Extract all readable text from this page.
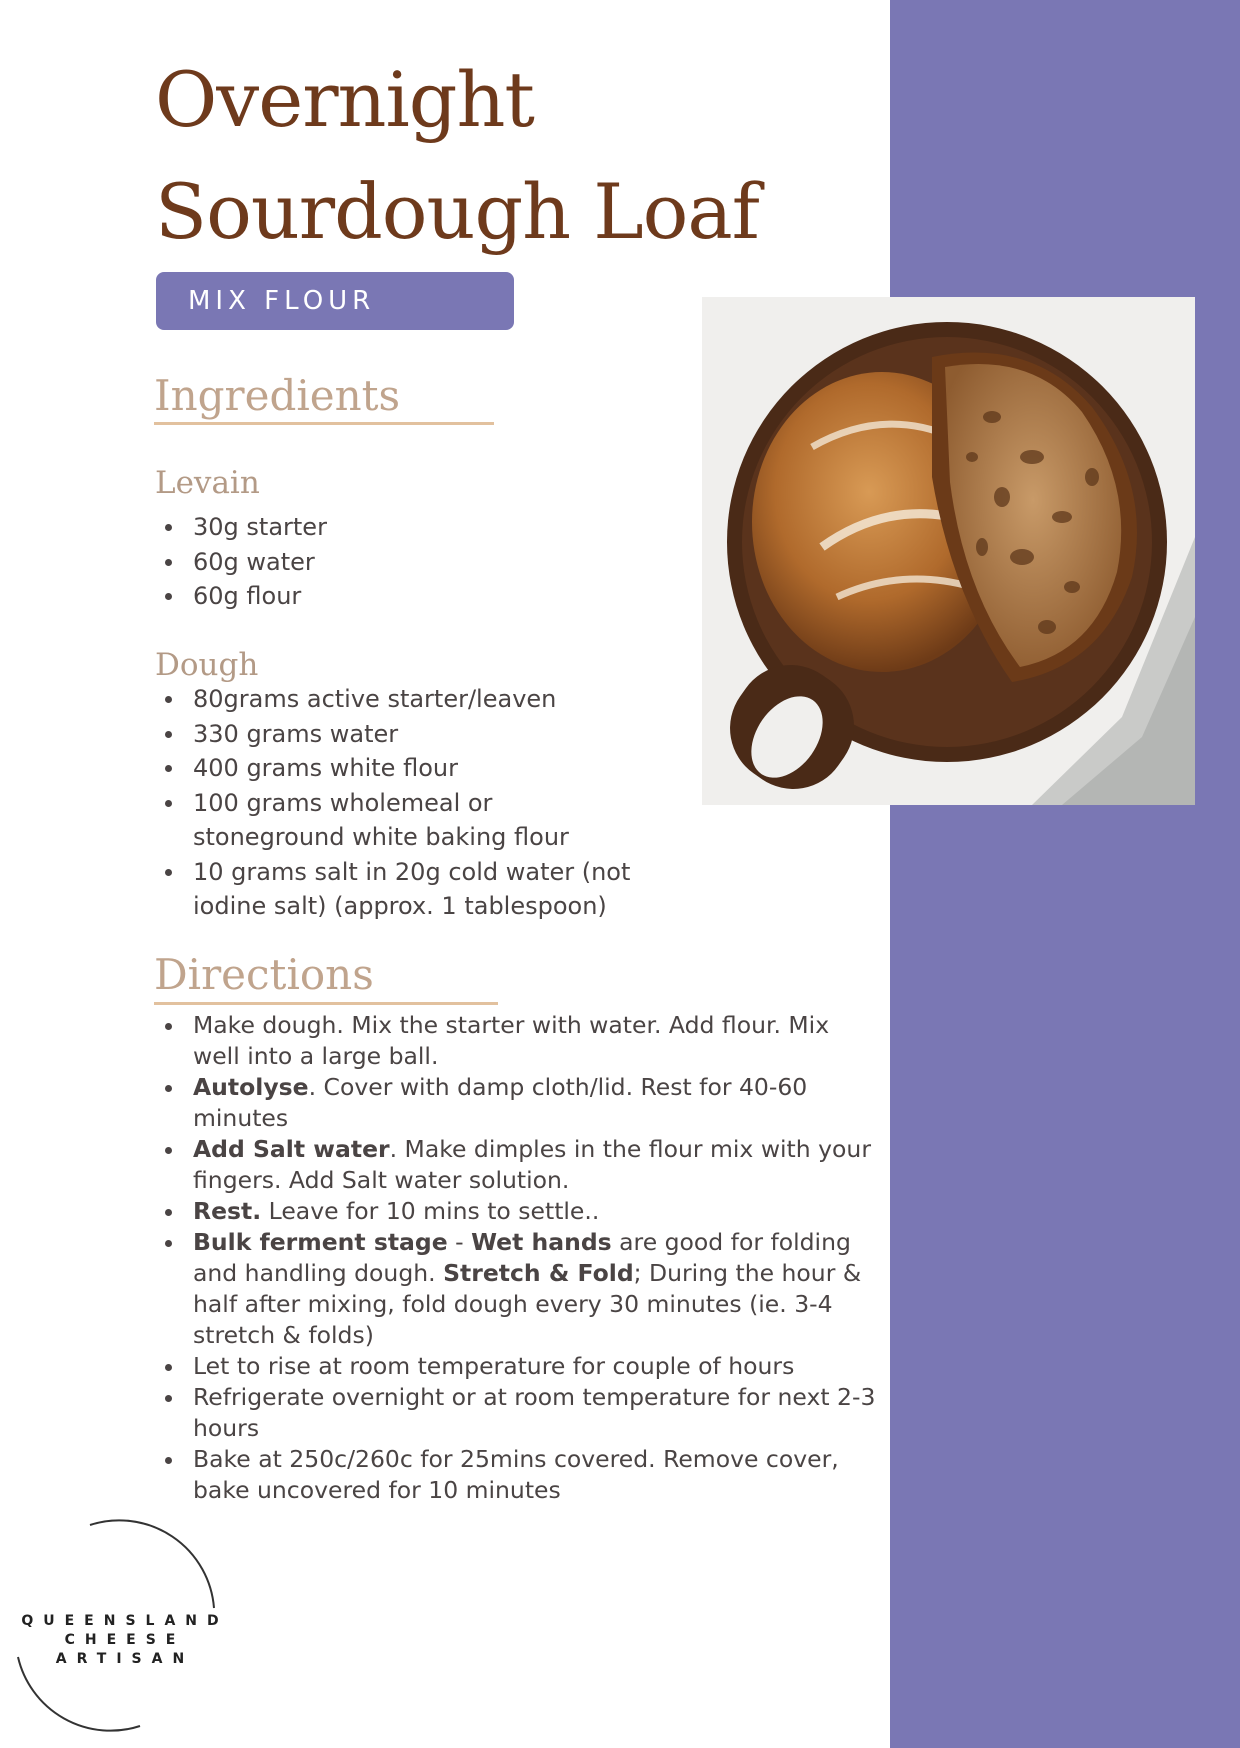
Overnight
Sourdough Loaf
MIX FLOUR
Ingredients
Levain
30g starter
60g water
60g flour
Dough
80grams active starter/leaven
330 grams water
400 grams white flour
100 grams wholemeal or stoneground white baking flour
10 grams salt in 20g cold water (not iodine salt) (approx. 1 tablespoon)
Directions
Make dough. Mix the starter with water. Add flour. Mix well into a large ball.
Autolyse. Cover with damp cloth/lid. Rest for 40-60 minutes
Add Salt water. Make dimples in the flour mix with your fingers. Add Salt water solution.
Rest. Leave for 10 mins to settle..
Bulk ferment stage - Wet hands are good for folding and handling dough. Stretch & Fold; During the hour & half after mixing, fold dough every 30 minutes (ie. 3-4 stretch & folds)
Let to rise at room temperature for couple of hours
Refrigerate overnight or at room temperature for next 2-3 hours
Bake at 250c/260c for 25mins covered. Remove cover, bake uncovered for 10 minutes
QUEENSLAND
CHEESE
ARTISAN
